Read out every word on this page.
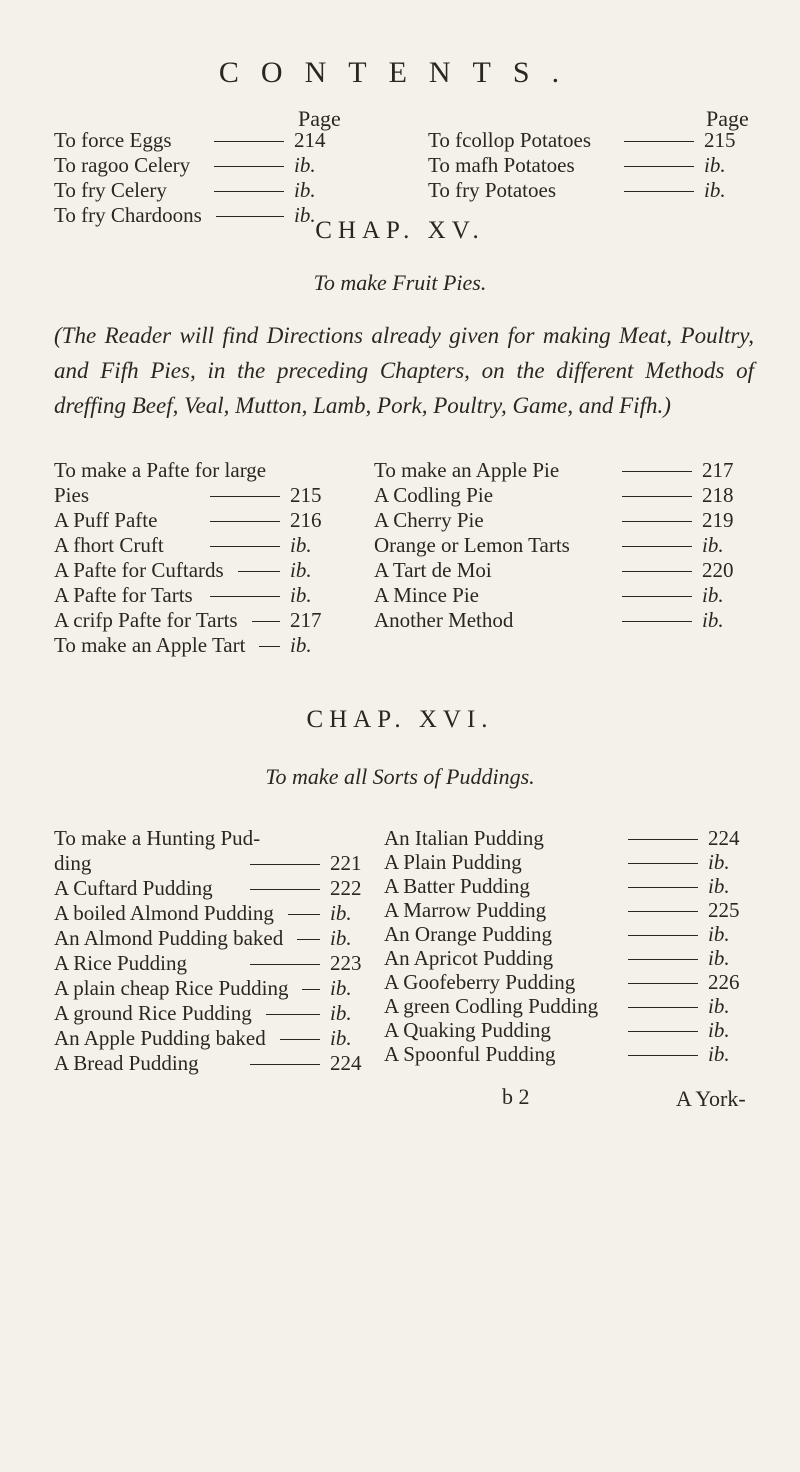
CONTENTS.
Page	Page
To force Eggs	214
To ragoo Celery	ib.
To fry Celery	ib.
To fry Chardoons	ib.
To fcollop Potatoes	215
To mafh Potatoes	ib.
To fry Potatoes	ib.
CHAP. XV.
To make Fruit Pies.
(The Reader will find Directions already given for making Meat, Poultry, and Fifh Pies, in the preceding Chapters, on the different Methods of dreffing Beef, Veal, Mutton, Lamb, Pork, Poultry, Game, and Fifh.)
To make a Pafte for large
Pies	215
A Puff Pafte	216
A fhort Cruft	ib.
A Pafte for Cuftards	ib.
A Pafte for Tarts	ib.
A crifp Pafte for Tarts 217
To make an Apple Tart ib.
To make an Apple Pie	217
A Codling Pie	218
A Cherry Pie	219
Orange or Lemon Tarts	ib.
A Tart de Moi	220
A Mince Pie	ib.
Another Method	ib.
CHAP. XVI.
To make all Sorts of Puddings.
To make a Hunting Pud-
ding	221
A Cuftard Pudding	222
A boiled Almond Pudding	ib.
An Almond Pudding baked ib.
A Rice Pudding	223
A plain cheap Rice Pudding ib.
A ground Rice Pudding	ib.
An Apple Pudding baked	ib.
A Bread Pudding	224
An Italian Pudding	224
A Plain Pudding	ib.
A Batter Pudding	ib.
A Marrow Pudding	225
An Orange Pudding	ib.
An Apricot Pudding	ib.
A Goofeberry Pudding	226
A green Codling Pudding	ib.
A Quaking Pudding	ib.
A Spoonful Pudding	ib.
b 2	A York-
